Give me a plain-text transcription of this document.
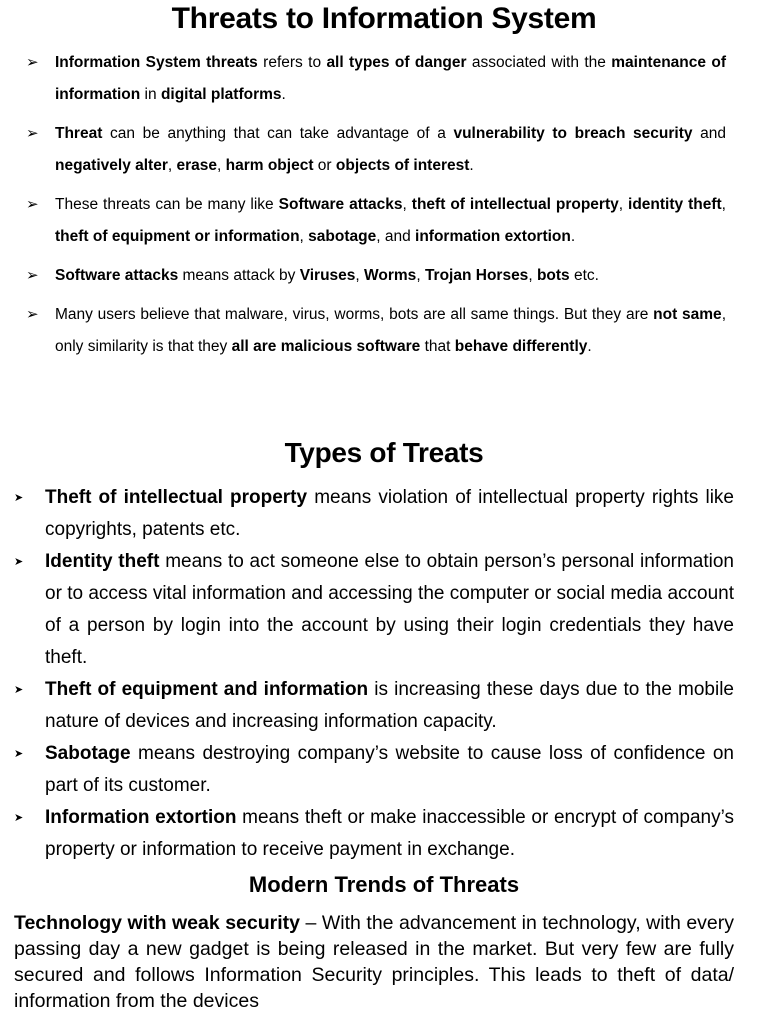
Threats to Information System
➢ Information System threats refers to all types of danger associated with the maintenance of information in digital platforms.
➢ Threat can be anything that can take advantage of a vulnerability to breach security and negatively alter, erase, harm object or objects of interest.
➢ These threats can be many like Software attacks, theft of intellectual property, identity theft, theft of equipment or information, sabotage, and information extortion.
➢ Software attacks means attack by Viruses, Worms, Trojan Horses, bots etc.
➢ Many users believe that malware, virus, worms, bots are all same things. But they are not same, only similarity is that they all are malicious software that behave differently.
Types of Treats
➤ Theft of intellectual property means violation of intellectual property rights like copyrights, patents etc.
➤ Identity theft means to act someone else to obtain person’s personal information or to access vital information and accessing the computer or social media account of a person by login into the account by using their login credentials they have theft.
➤ Theft of equipment and information is increasing these days due to the mobile nature of devices and increasing information capacity.
➤ Sabotage means destroying company’s website to cause loss of confidence on part of its customer.
➤ Information extortion means theft or make inaccessible or encrypt of company’s property or information to receive payment in exchange.
Modern Trends of Threats

Technology with weak security – With the advancement in technology, with every passing day a new gadget is being released in the market. But very few are fully secured and follows Information Security principles. This leads to theft of data/ information from the devices
